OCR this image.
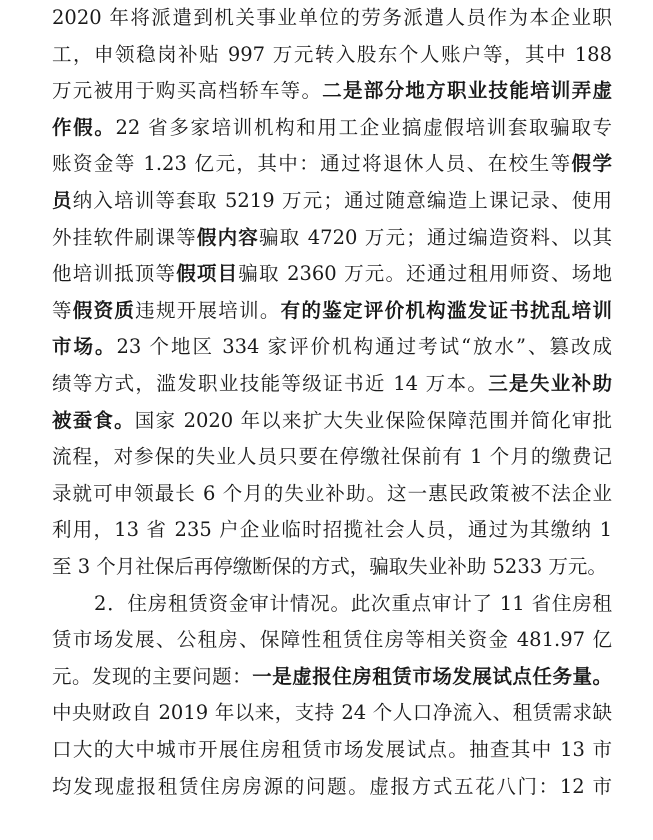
2020 年将派遣到机关事业单位的劳务派遣人员作为本企业职
工，申领稳岗补贴 997 万元转入股东个人账户等，其中 188
万元被用于购买高档轿车等。二是部分地方职业技能培训弄虚
作假。22 省多家培训机构和用工企业搞虚假培训套取骗取专
账资金等 1.23 亿元，其中：通过将退休人员、在校生等假学
员纳入培训等套取 5219 万元；通过随意编造上课记录、使用
外挂软件刷课等假内容骗取 4720 万元；通过编造资料、以其
他培训抵顶等假项目骗取 2360 万元。还通过租用师资、场地
等假资质违规开展培训。有的鉴定评价机构滥发证书扰乱培训
市场。23 个地区 334 家评价机构通过考试“放水”、篡改成
绩等方式，滥发职业技能等级证书近 14 万本。三是失业补助
被蚕食。国家 2020 年以来扩大失业保险保障范围并简化审批
流程，对参保的失业人员只要在停缴社保前有 1 个月的缴费记
录就可申领最长 6 个月的失业补助。这一惠民政策被不法企业
利用，13 省 235 户企业临时招揽社会人员，通过为其缴纳 1
至 3 个月社保后再停缴断保的方式，骗取失业补助 5233 万元。
2．住房租赁资金审计情况。此次重点审计了 11 省住房租
赁市场发展、公租房、保障性租赁住房等相关资金 481.97 亿
元。发现的主要问题：一是虚报住房租赁市场发展试点任务量。
中央财政自 2019 年以来，支持 24 个人口净流入、租赁需求缺
口大的大中城市开展住房租赁市场发展试点。抽查其中 13 市
均发现虚报租赁住房房源的问题。虚报方式五花八门：12 市
